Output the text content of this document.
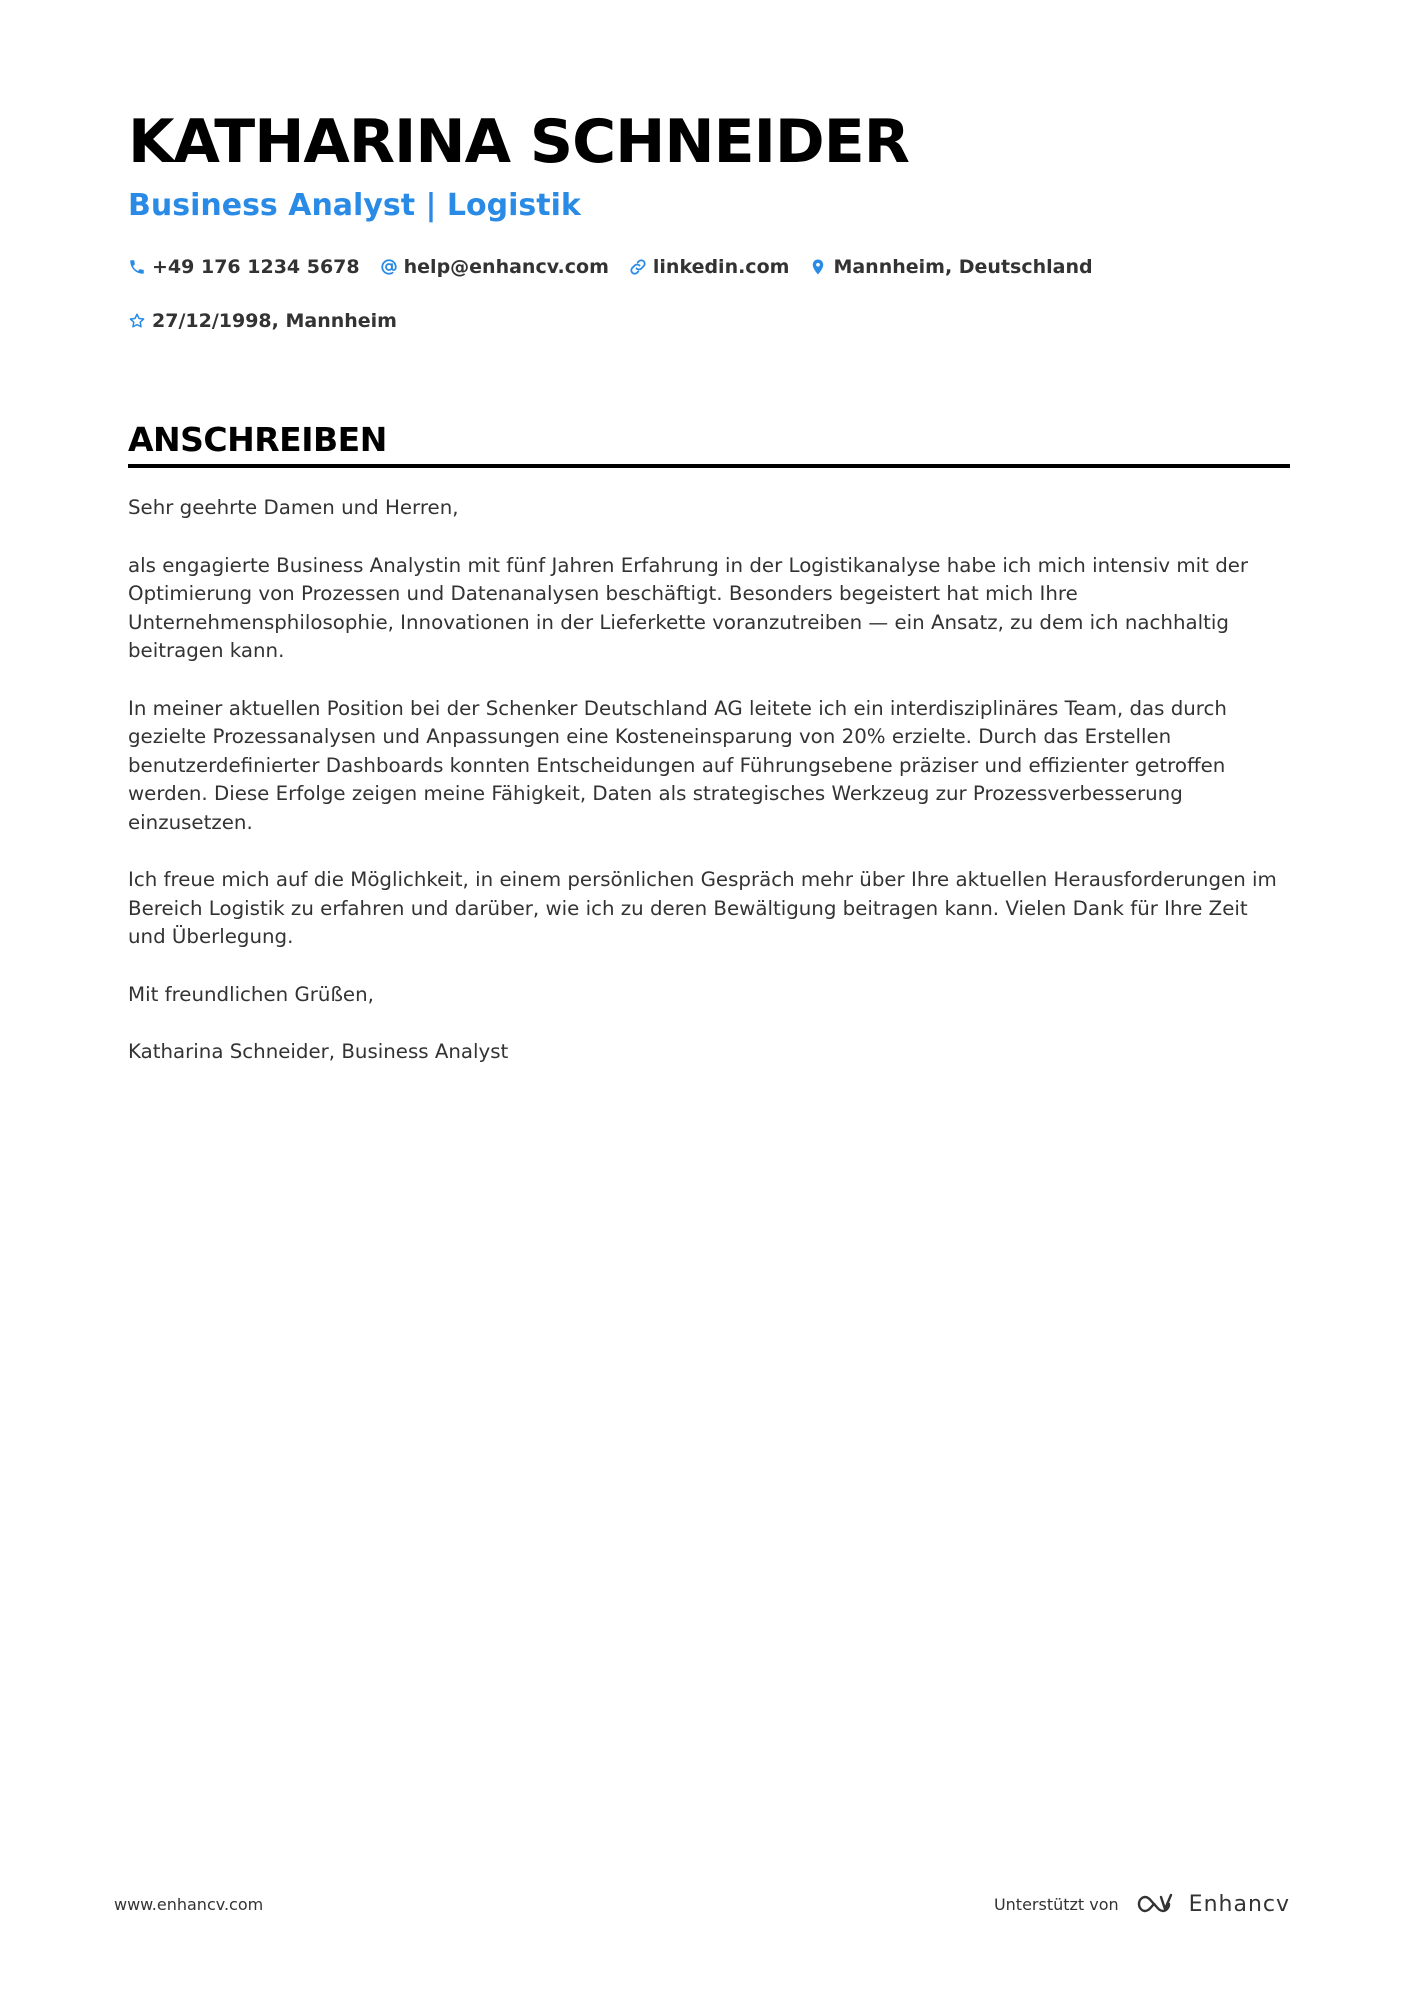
KATHARINA SCHNEIDER
Business Analyst | Logistik
+49 176 1234 5678 help@enhancv.com linkedin.com Mannheim, Deutschland
27/12/1998, Mannheim
ANSCHREIBEN

Sehr geehrte Damen und Herren,

als engagierte Business Analystin mit fünf Jahren Erfahrung in der Logistikanalyse habe ich mich intensiv mit der Optimierung von Prozessen und Datenanalysen beschäftigt. Besonders begeistert hat mich Ihre Unternehmensphilosophie, Innovationen in der Lieferkette voranzutreiben — ein Ansatz, zu dem ich nachhaltig beitragen kann.

In meiner aktuellen Position bei der Schenker Deutschland AG leitete ich ein interdisziplinäres Team, das durch gezielte Prozessanalysen und Anpassungen eine Kosteneinsparung von 20% erzielte. Durch das Erstellen benutzerdefinierter Dashboards konnten Entscheidungen auf Führungsebene präziser und effizienter getroffen werden. Diese Erfolge zeigen meine Fähigkeit, Daten als strategisches Werkzeug zur Prozessverbesserung einzusetzen.

Ich freue mich auf die Möglichkeit, in einem persönlichen Gespräch mehr über Ihre aktuellen Herausforderungen im Bereich Logistik zu erfahren und darüber, wie ich zu deren Bewältigung beitragen kann. Vielen Dank für Ihre Zeit und Überlegung.

Mit freundlichen Grüßen,

Katharina Schneider, Business Analyst

www.enhancv.com	Unterstützt von	Enhancv
